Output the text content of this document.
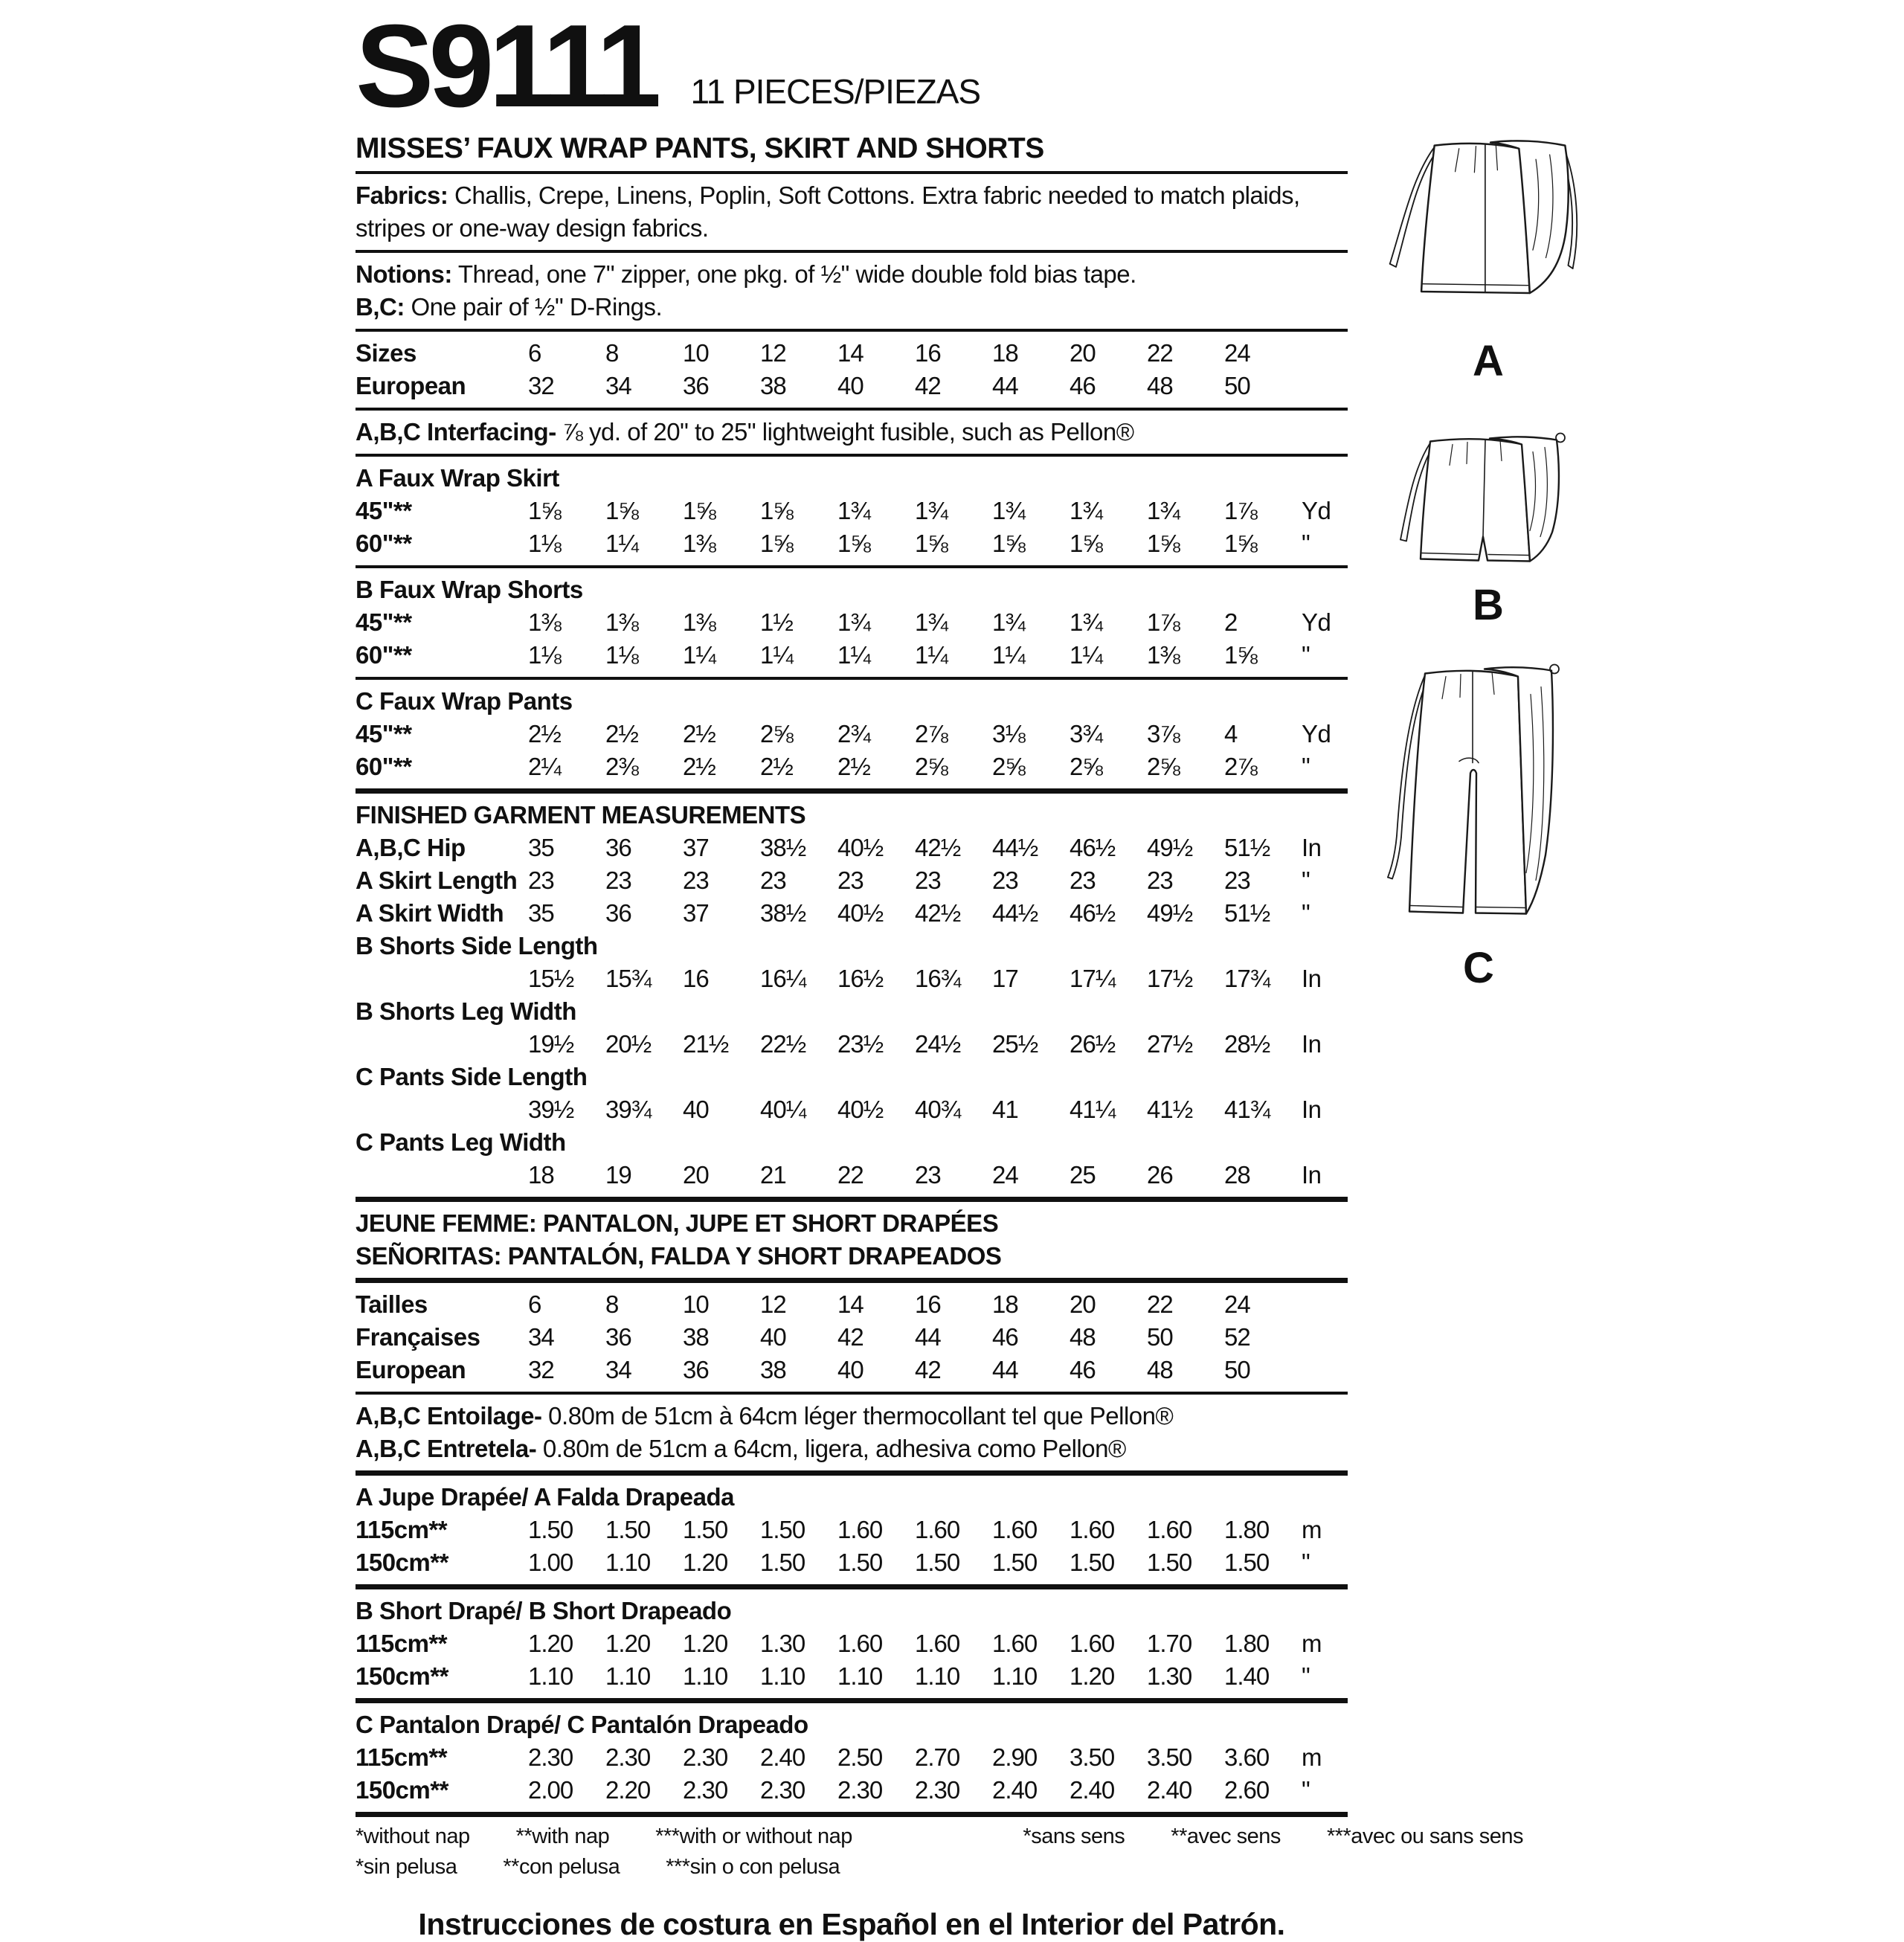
S9111	11 PIECES/PIEZAS
MISSES’ FAUX WRAP PANTS, SKIRT AND SHORTS

Fabrics: Challis, Crepe, Linens, Poplin, Soft Cottons. Extra fabric needed to match plaids, stripes or one-way design fabrics.

Notions: Thread, one 7" zipper, one pkg. of ½" wide double fold bias tape.

B,C: One pair of ½" D-Rings.

Sizes	6	8	10	12	14	16	18	20	22	24
European	32	34	36	38	40	42	44	46	48	50

A,B,C Interfacing- ⅞ yd. of 20" to 25" lightweight fusible, such as Pellon®

A Faux Wrap Skirt
45"**	1⅝	1⅝	1⅝	1⅝	1¾	1¾	1¾	1¾	1¾	1⅞	Yd
60"**	1⅛	1¼	1⅜	1⅝	1⅝	1⅝	1⅝	1⅝	1⅝	1⅝	"
B Faux Wrap Shorts
45"**	1⅜	1⅜	1⅜	1½	1¾	1¾	1¾	1¾	1⅞	2	Yd
60"**	1⅛	1⅛	1¼	1¼	1¼	1¼	1¼	1¼	1⅜	1⅝	"
C Faux Wrap Pants
45"**	2½	2½	2½	2⅝	2¾	2⅞	3⅛	3¾	3⅞	4	Yd
60"**	2¼	2⅜	2½	2½	2½	2⅝	2⅝	2⅝	2⅝	2⅞	"
FINISHED GARMENT MEASUREMENTS
A,B,C Hip	35	36	37	38½	40½	42½	44½	46½	49½	51½	In
A Skirt Length 23	23	23	23	23	23	23	23	23	23	"
A Skirt Width 35	36	37	38½	40½	42½	44½	46½	49½	51½	"
B Shorts Side Length
15½	15¾	16	16¼	16½	16¾	17	17¼	17½	17¾	In
B Shorts Leg Width
19½	20½	21½	22½	23½	24½	25½	26½	27½	28½	In
C Pants Side Length
39½	39¾	40	40¼	40½	40¾	41	41¼	41½	41¾	In
C Pants Leg Width
18	19	20	21	22	23	24	25	26	28	In
JEUNE FEMME: PANTALON, JUPE ET SHORT DRAPÉES
SEÑORITAS: PANTALÓN, FALDA Y SHORT DRAPEADOS
Tailles	6	8	10	12	14	16	18	20	22	24
Françaises	34	36	38	40	42	44	46	48	50	52
European	32	34	36	38	40	42	44	46	48	50

A,B,C Entoilage- 0.80m de 51cm à 64cm léger thermocollant tel que Pellon®

A,B,C Entretela- 0.80m de 51cm a 64cm, ligera, adhesiva como Pellon®

A Jupe Drapée/ A Falda Drapeada
115cm**	1.50	1.50	1.50	1.50	1.60	1.60	1.60	1.60	1.60	1.80	m
150cm**	1.00	1.10	1.20	1.50	1.50	1.50	1.50	1.50	1.50	1.50	"
B Short Drapé/ B Short Drapeado
115cm**	1.20	1.20	1.20	1.30	1.60	1.60	1.60	1.60	1.70	1.80	m
150cm**	1.10	1.10	1.10	1.10	1.10	1.10	1.10	1.20	1.30	1.40	"
C Pantalon Drapé/ C Pantalón Drapeado
115cm**	2.30	2.30	2.30	2.40	2.50	2.70	2.90	3.50	3.50	3.60	m
150cm**	2.00	2.20	2.30	2.30	2.30	2.30	2.40	2.40	2.40	2.60	"
*without nap **with nap ***with or without nap	*sans sens **avec sens ***avec ou sans sens
*sin pelusa **con pelusa ***sin o con pelusa
Instrucciones de costura en Español en el Interior del Patrón.
A
B
C
